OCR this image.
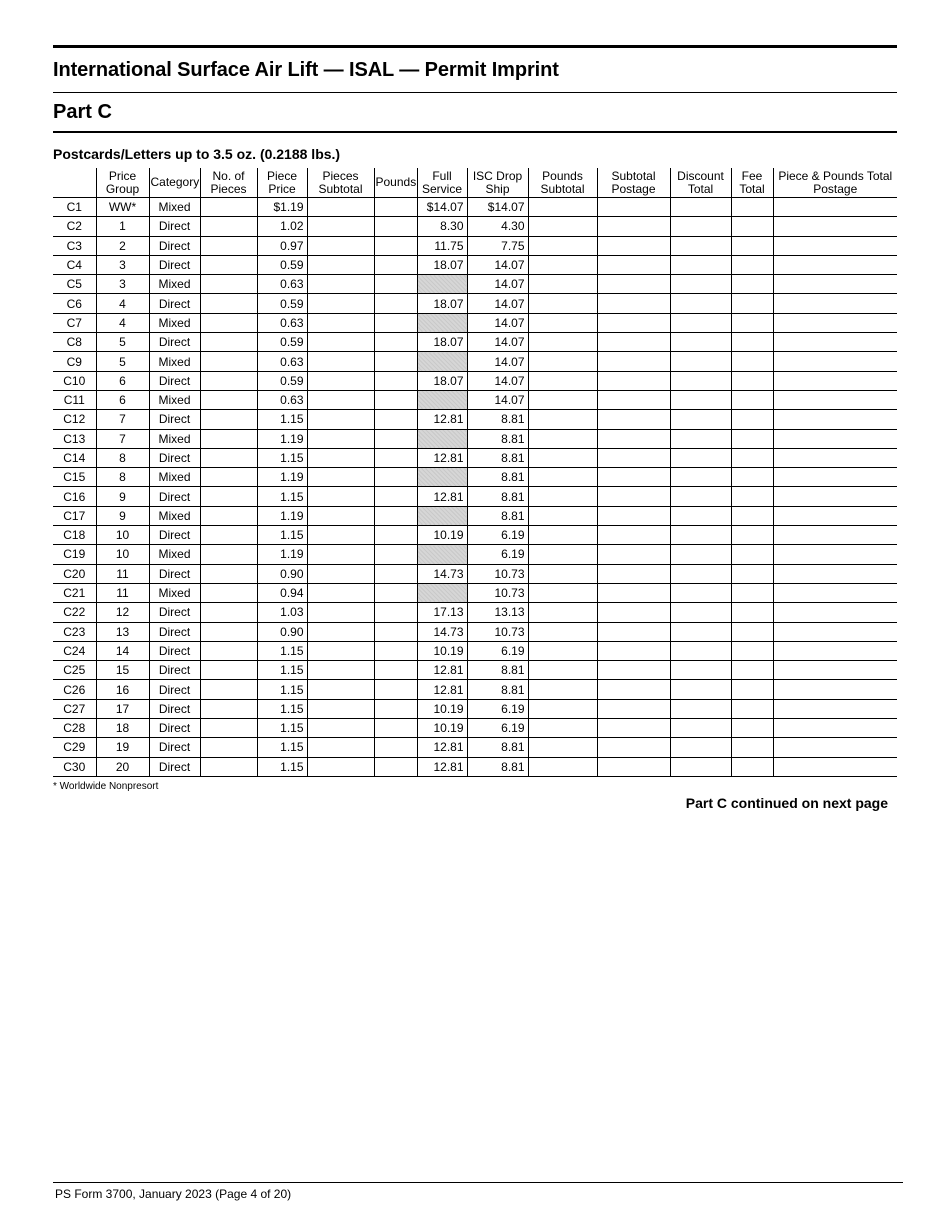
International Surface Air Lift — ISAL — Permit Imprint
Part C
Postcards/Letters up to 3.5 oz. (0.2188 lbs.)
	Price Group	Category	No. of Pieces	Piece Price	Pieces Subtotal	Pounds	Full Service	ISC Drop Ship	Pounds Subtotal	Subtotal Postage	Discount Total	Fee Total	Piece & Pounds Total Postage
C1	WW*	Mixed		$1.19			$14.07	$14.07					
C2	1	Direct		1.02			8.30	4.30					
C3	2	Direct		0.97			11.75	7.75					
C4	3	Direct		0.59			18.07	14.07					
C5	3	Mixed		0.63				14.07					
C6	4	Direct		0.59			18.07	14.07					
C7	4	Mixed		0.63				14.07					
C8	5	Direct		0.59			18.07	14.07					
C9	5	Mixed		0.63				14.07					
C10	6	Direct		0.59			18.07	14.07					
C11	6	Mixed		0.63				14.07					
C12	7	Direct		1.15			12.81	8.81					
C13	7	Mixed		1.19				8.81					
C14	8	Direct		1.15			12.81	8.81					
C15	8	Mixed		1.19				8.81					
C16	9	Direct		1.15			12.81	8.81					
C17	9	Mixed		1.19				8.81					
C18	10	Direct		1.15			10.19	6.19					
C19	10	Mixed		1.19				6.19					
C20	11	Direct		0.90			14.73	10.73					
C21	11	Mixed		0.94				10.73					
C22	12	Direct		1.03			17.13	13.13					
C23	13	Direct		0.90			14.73	10.73					
C24	14	Direct		1.15			10.19	6.19					
C25	15	Direct		1.15			12.81	8.81					
C26	16	Direct		1.15			12.81	8.81					
C27	17	Direct		1.15			10.19	6.19					
C28	18	Direct		1.15			10.19	6.19					
C29	19	Direct		1.15			12.81	8.81					
C30	20	Direct		1.15			12.81	8.81					
* Worldwide Nonpresort
Part C continued on next page
PS Form 3700, January 2023 (Page 4 of 20)
